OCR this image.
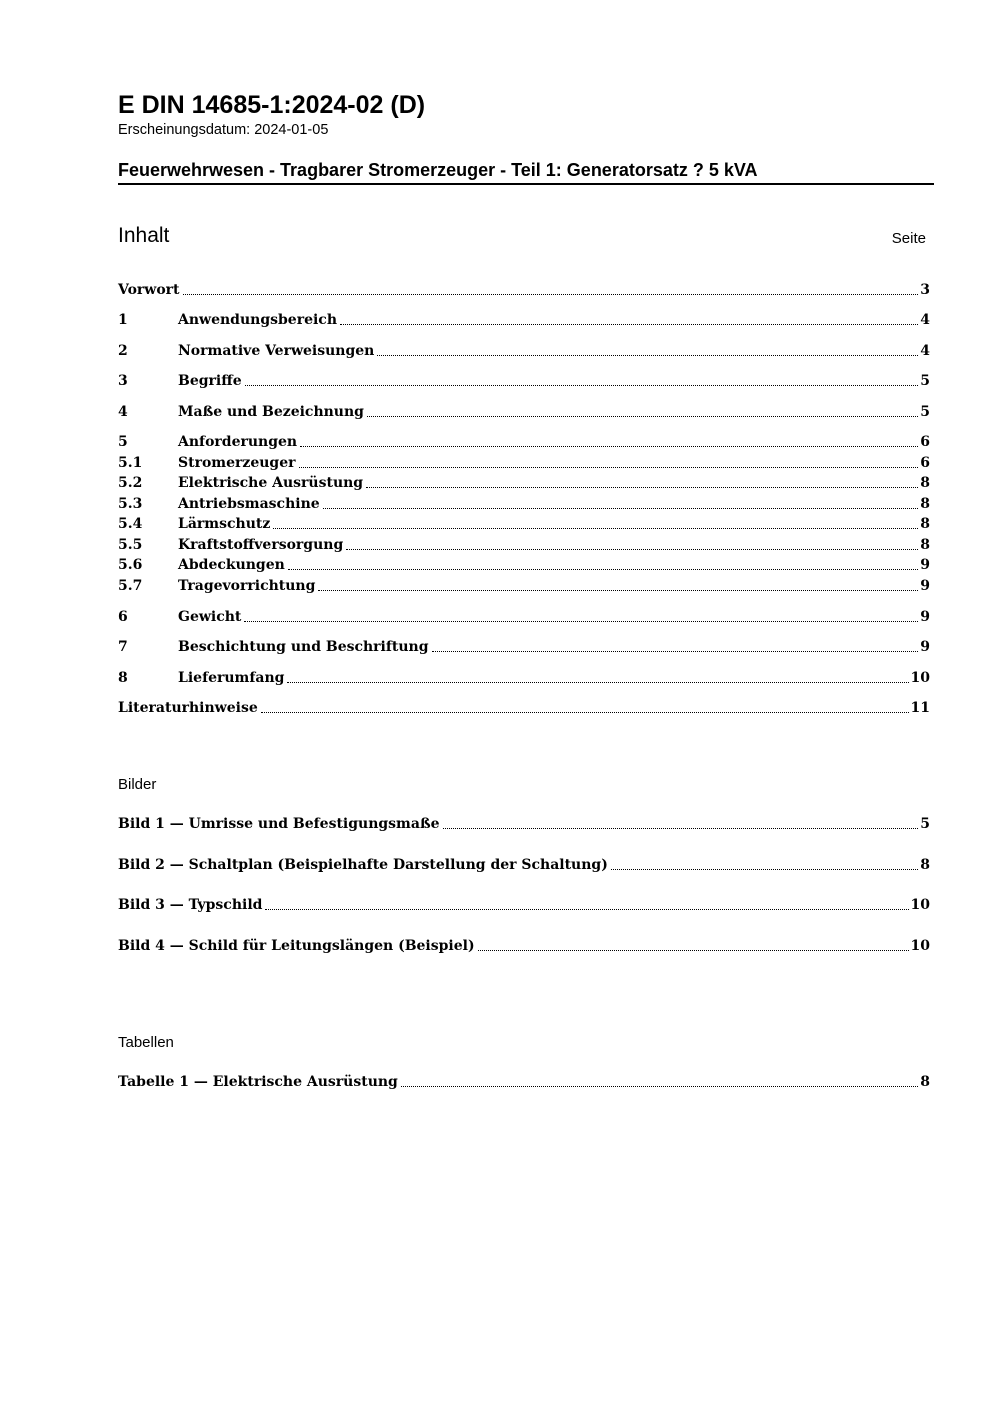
E DIN 14685-1:2024-02 (D)
Erscheinungsdatum: 2024-01-05
Feuerwehrwesen - Tragbarer Stromerzeuger - Teil 1: Generatorsatz ? 5 kVA
Inhalt	Seite
Vorwort	3
1	Anwendungsbereich	4
2	Normative Verweisungen	4
3	Begriffe	5
4	Maße und Bezeichnung	5
5	Anforderungen	6
5.1	Stromerzeuger	6
5.2	Elektrische Ausrüstung	8
5.3	Antriebsmaschine	8
5.4	Lärmschutz	8
5.5	Kraftstoffversorgung	8
5.6	Abdeckungen	9
5.7	Tragevorrichtung	9
6	Gewicht	9
7	Beschichtung und Beschriftung	9
8	Lieferumfang	10
Literaturhinweise	11
Bilder
Bild 1 — Umrisse und Befestigungsmaße	5
Bild 2 — Schaltplan (Beispielhafte Darstellung der Schaltung)	8
Bild 3 — Typschild	10
Bild 4 — Schild für Leitungslängen (Beispiel)	10
Tabellen
Tabelle 1 — Elektrische Ausrüstung	8
